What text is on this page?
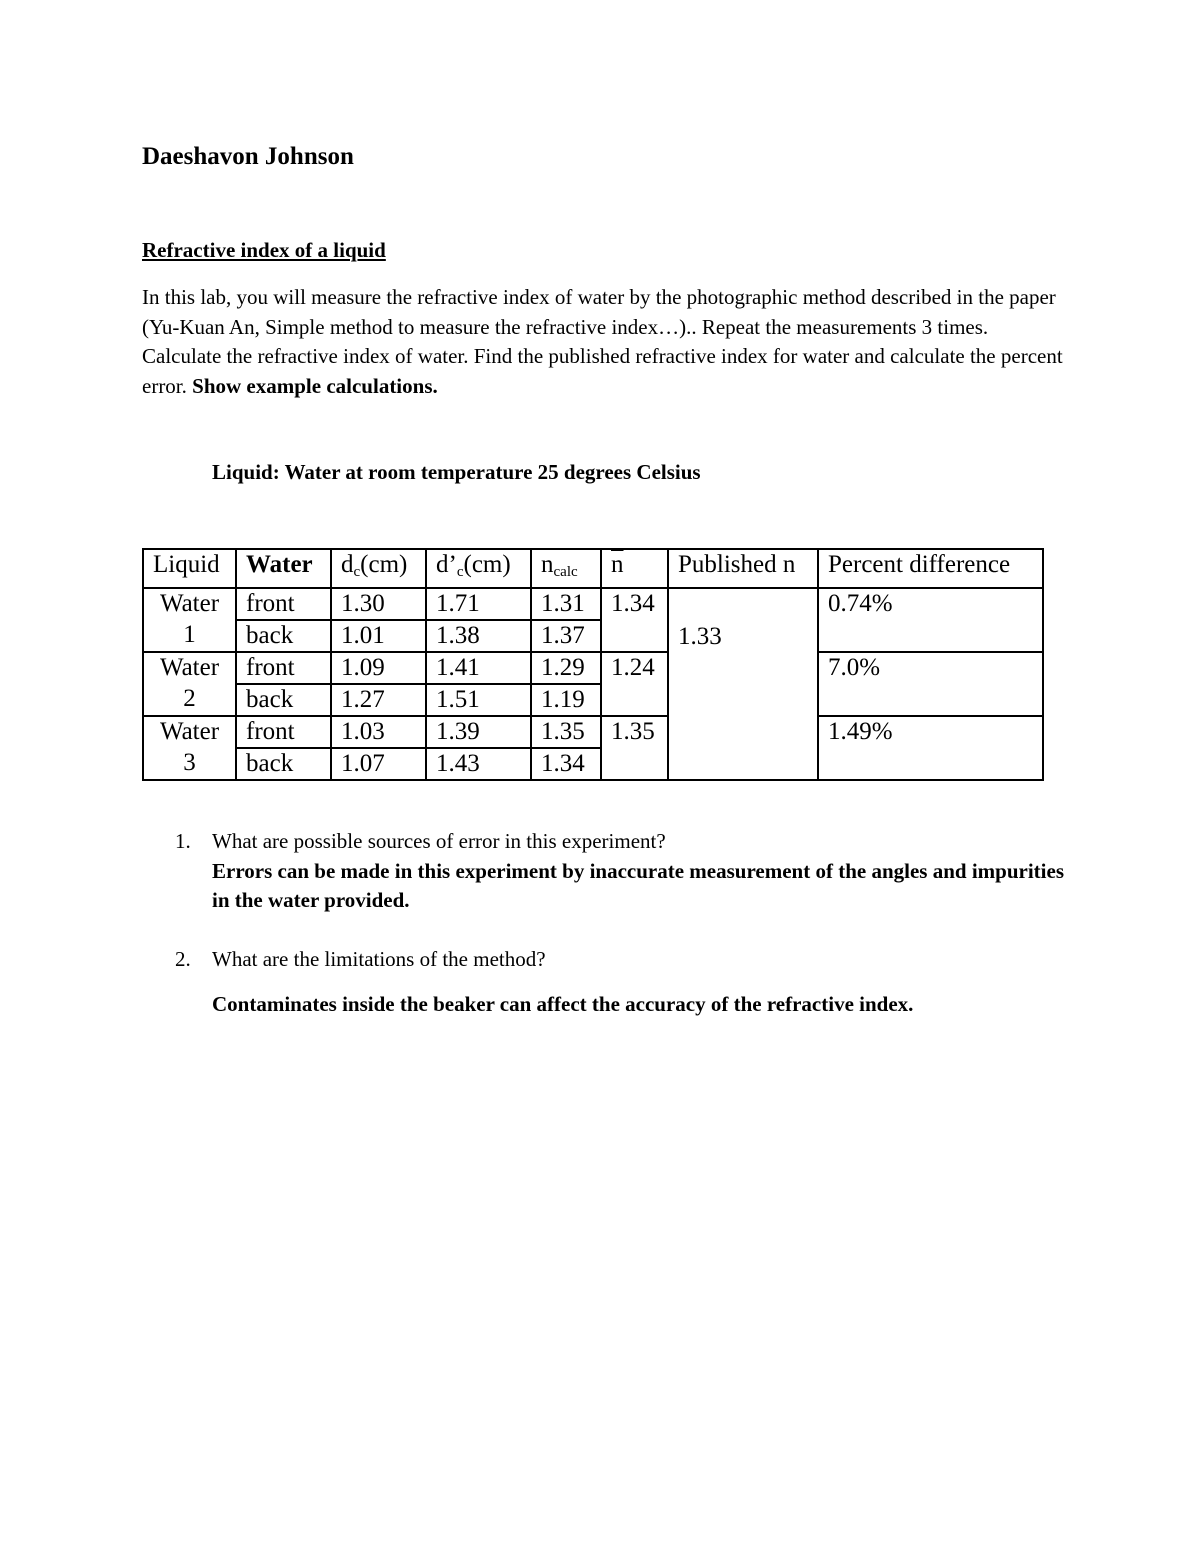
Daeshavon Johnson
Refractive index of a liquid
In this lab, you will measure the refractive index of water by the photographic method described in the paper (Yu-Kuan An, Simple method to measure the refractive index…).. Repeat the measurements 3 times. Calculate the refractive index of water. Find the published refractive index for water and calculate the percent error. Show example calculations.
Liquid: Water at room temperature 25 degrees Celsius
Liquid	Water	$d_c(cm)$	$d’_c(cm)$	$n_{calc}$	$\overline{n}$	Published n	Percent difference
Water	front	1.30	1.71	1.31	1.34	1.33	0.74%
1	back	1.01	1.38	1.37			
Water	front	1.09	1.41	1.29	1.24		7.0%
2	back	1.27	1.51	1.19			
Water	front	1.03	1.39	1.35	1.35		1.49%
3	back	1.07	1.43	1.34			
1. What are possible sources of error in this experiment?
Errors can be made in this experiment by inaccurate measurement of the angles and impurities in the water provided.
2. What are the limitations of the method?
Contaminates inside the beaker can affect the accuracy of the refractive index.
